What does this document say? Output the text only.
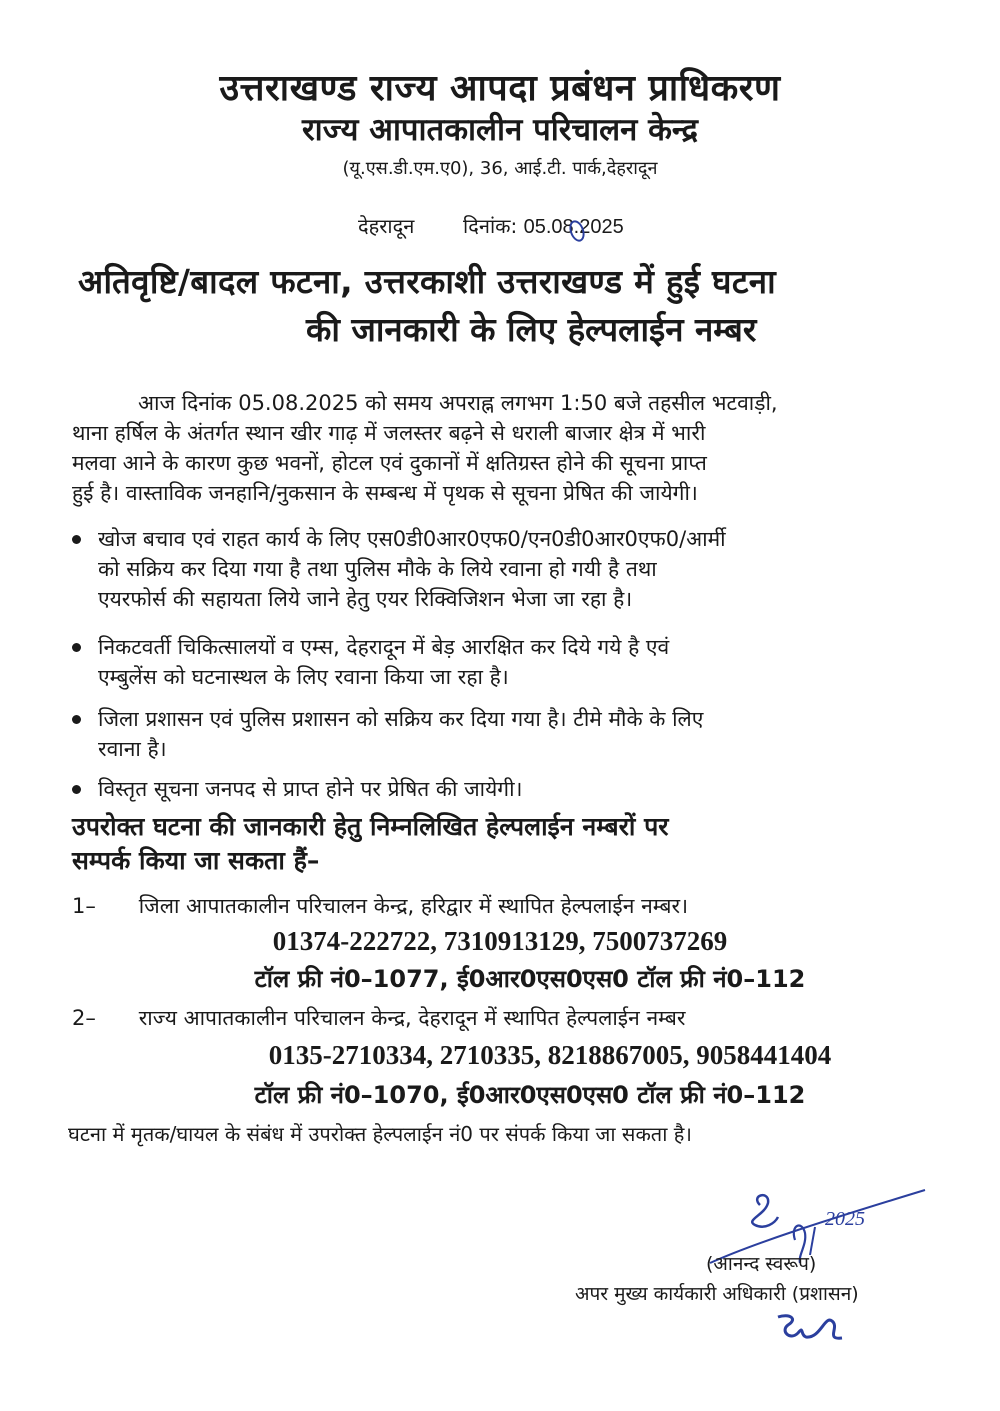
उत्तराखण्ड राज्य आपदा प्रबंधन प्राधिकरण
राज्य आपातकालीन परिचालन केन्द्र
(यू.एस.डी.एम.ए0), 36, आई.टी. पार्क,देहरादून
देहरादून दिनांक: 05.08.2025
अतिवृष्टि/बादल फटना, उत्तरकाशी उत्तराखण्ड में हुई घटना
की जानकारी के लिए हेल्पलाईन नम्बर
आज दिनांक 05.08.2025 को समय अपराह्न लगभग 1:50 बजे तहसील भटवाड़ी,
थाना हर्षिल के अंतर्गत स्थान खीर गाढ़ में जलस्तर बढ़ने से धराली बाजार क्षेत्र में भारी
मलवा आने के कारण कुछ भवनों, होटल एवं दुकानों में क्षतिग्रस्त होने की सूचना प्राप्त
हुई है। वास्ताविक जनहानि/नुकसान के सम्बन्ध में पृथक से सूचना प्रेषित की जायेगी।
खोज बचाव एवं राहत कार्य के लिए एस0डी0आर0एफ0/एन0डी0आर0एफ0/आर्मी
को सक्रिय कर दिया गया है तथा पुलिस मौके के लिये रवाना हो गयी है तथा
एयरफोर्स की सहायता लिये जाने हेतु एयर रिक्विजिशन भेजा जा रहा है।
निकटवर्ती चिकित्सालयों व एम्स, देहरादून में बेड़ आरक्षित कर दिये गये है एवं
एम्बुलेंस को घटनास्थल के लिए रवाना किया जा रहा है।
जिला प्रशासन एवं पुलिस प्रशासन को सक्रिय कर दिया गया है। टीमे मौके के लिए
रवाना है।
विस्तृत सूचना जनपद से प्राप्त होने पर प्रेषित की जायेगी।
उपरोक्त घटना की जानकारी हेतु निम्नलिखित हेल्पलाईन नम्बरों पर
सम्पर्क किया जा सकता हैं–
1– जिला आपातकालीन परिचालन केन्द्र, हरिद्वार में स्थापित हेल्पलाईन नम्बर।
01374-222722, 7310913129, 7500737269
टॉल फ्री नं0–1077, ई0आर0एस0एस0 टॉल फ्री नं0–112
2– राज्य आपातकालीन परिचालन केन्द्र, देहरादून में स्थापित हेल्पलाईन नम्बर
0135-2710334, 2710335, 8218867005, 9058441404
टॉल फ्री नं0–1070, ई0आर0एस0एस0 टॉल फ्री नं0–112
घटना में मृतक/घायल के संबंध में उपरोक्त हेल्पलाईन नं0 पर संपर्क किया जा सकता है।
2025
(आनन्द स्वरूप)
अपर मुख्य कार्यकारी अधिकारी (प्रशासन)
